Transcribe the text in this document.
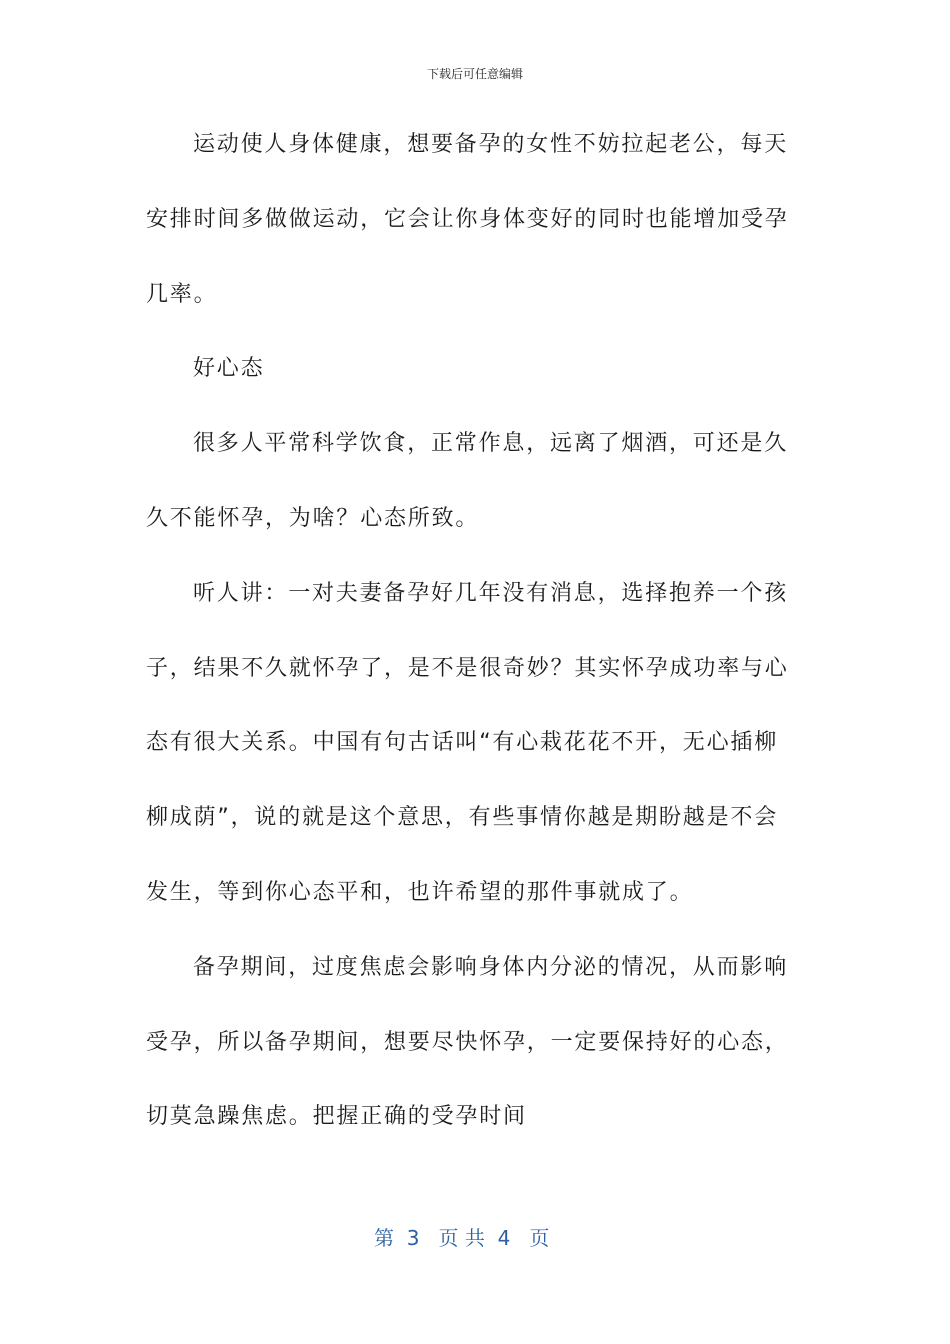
下载后可任意编辑
运动使人身体健康，想要备孕的女性不妨拉起老公，每天
安排时间多做做运动，它会让你身体变好的同时也能增加受孕
几率。
好心态
很多人平常科学饮食，正常作息，远离了烟酒，可还是久
久不能怀孕，为啥？心态所致。
听人讲：一对夫妻备孕好几年没有消息，选择抱养一个孩
子，结果不久就怀孕了，是不是很奇妙？其实怀孕成功率与心
态有很大关系。中国有句古话叫“有心栽花花不开，无心插柳
柳成荫”，说的就是这个意思，有些事情你越是期盼越是不会
发生，等到你心态平和，也许希望的那件事就成了。
备孕期间，过度焦虑会影响身体内分泌的情况，从而影响
受孕，所以备孕期间，想要尽快怀孕，一定要保持好的心态，
切莫急躁焦虑。把握正确的受孕时间
第  3   页 共  4   页
